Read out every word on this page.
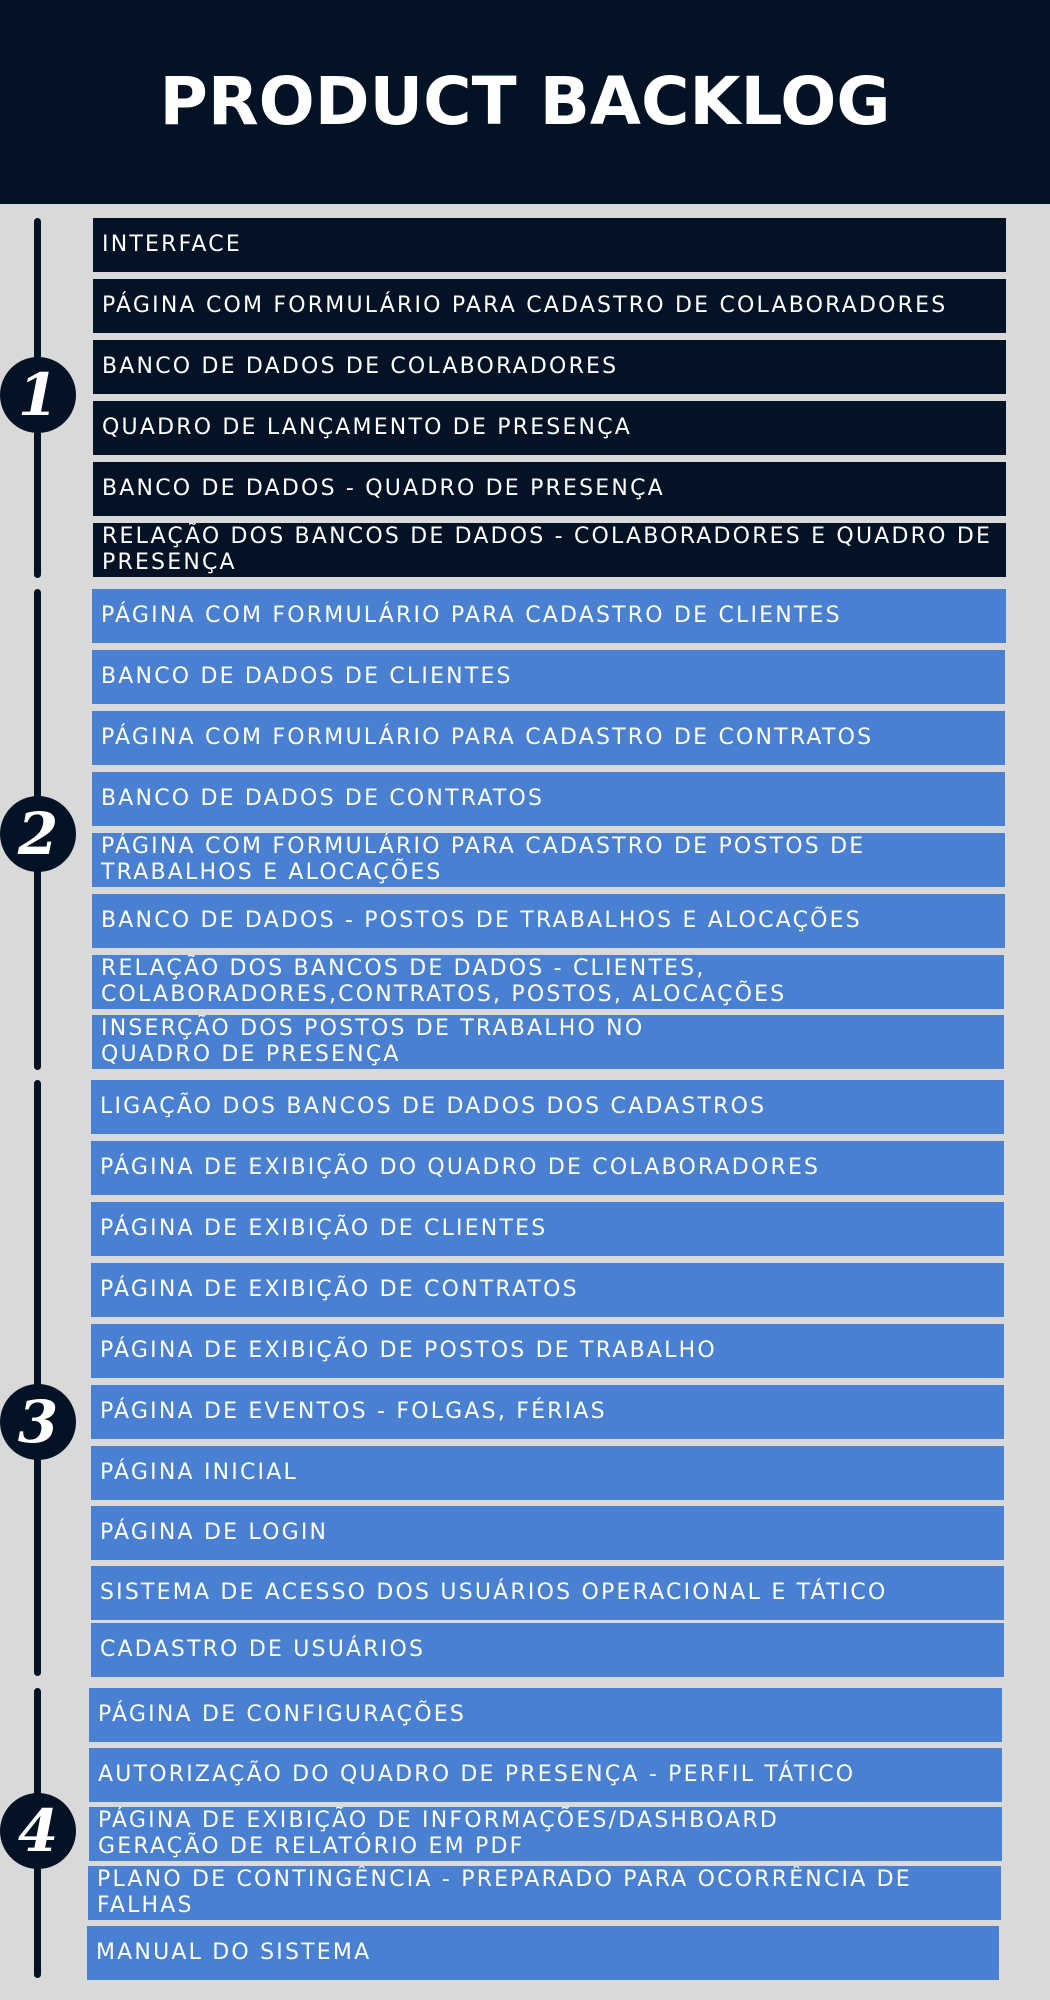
PRODUCT BACKLOG
1
INTERFACE
PÁGINA COM FORMULÁRIO PARA CADASTRO DE COLABORADORES
BANCO DE DADOS DE COLABORADORES
QUADRO DE LANÇAMENTO DE PRESENÇA
BANCO DE DADOS - QUADRO DE PRESENÇA
RELAÇÃO DOS BANCOS DE DADOS - COLABORADORES E QUADRO DE
PRESENÇA
2
PÁGINA COM FORMULÁRIO PARA CADASTRO DE CLIENTES
BANCO DE DADOS DE CLIENTES
PÁGINA COM FORMULÁRIO PARA CADASTRO DE CONTRATOS
BANCO DE DADOS DE CONTRATOS
PÁGINA COM FORMULÁRIO PARA CADASTRO DE POSTOS DE
TRABALHOS E ALOCAÇÕES
BANCO DE DADOS - POSTOS DE TRABALHOS E ALOCAÇÕES
RELAÇÃO DOS BANCOS DE DADOS - CLIENTES,
COLABORADORES,CONTRATOS, POSTOS, ALOCAÇÕES
INSERÇÃO DOS POSTOS DE TRABALHO NO
QUADRO DE PRESENÇA
3
LIGAÇÃO DOS BANCOS DE DADOS DOS CADASTROS
PÁGINA DE EXIBIÇÃO DO QUADRO DE COLABORADORES
PÁGINA DE EXIBIÇÃO DE CLIENTES
PÁGINA DE EXIBIÇÃO DE CONTRATOS
PÁGINA DE EXIBIÇÃO DE POSTOS DE TRABALHO
PÁGINA DE EVENTOS - FOLGAS, FÉRIAS
PÁGINA INICIAL
PÁGINA DE LOGIN
SISTEMA DE ACESSO DOS USUÁRIOS OPERACIONAL E TÁTICO
CADASTRO DE USUÁRIOS
4
PÁGINA DE CONFIGURAÇÕES
AUTORIZAÇÃO DO QUADRO DE PRESENÇA - PERFIL TÁTICO
PÁGINA DE EXIBIÇÃO DE INFORMAÇÕES/DASHBOARD
GERAÇÃO DE RELATÓRIO EM PDF
PLANO DE CONTINGÊNCIA - PREPARADO PARA OCORRÊNCIA DE
FALHAS
MANUAL DO SISTEMA
